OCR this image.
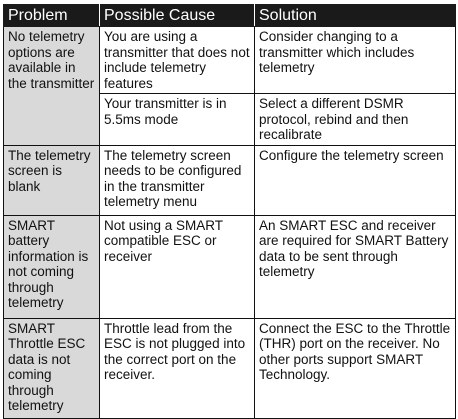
Problem	Possible Cause	Solution
No telemetry options are available in the transmitter	You are using a transmitter that does not include telemetry features	Consider changing to a transmitter which includes telemetry
	Your transmitter is in 5.5ms mode	Select a different DSMR protocol, rebind and then recalibrate
The telemetry screen is blank	The telemetry screen needs to be configured in the transmitter telemetry menu	Configure the telemetry screen
SMART battery information is not coming through telemetry	Not using a SMART compatible ESC or receiver	An SMART ESC and receiver are required for SMART Battery data to be sent through telemetry
SMART Throttle ESC data is not coming through telemetry	Throttle lead from the ESC is not plugged into the correct port on the receiver.	Connect the ESC to the Throttle (THR) port on the receiver. No other ports support SMART Technology.
